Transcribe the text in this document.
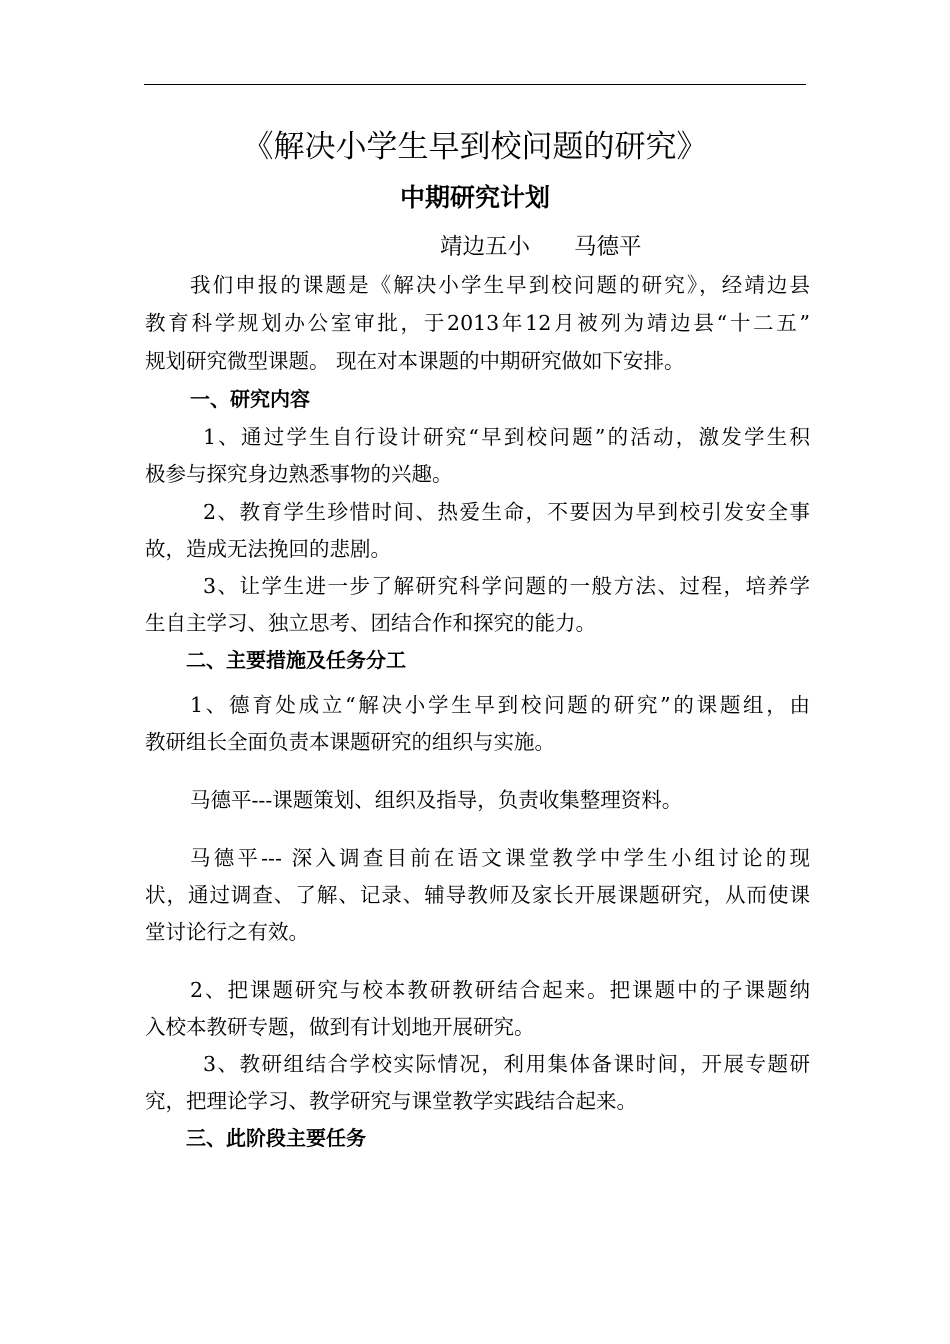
《解决小学生早到校问题的研究》
中期研究计划
靖边五小 马德平
我们申报的课题是《解决小学生早到校问题的研究》，经靖边县
教育科学规划办公室审批，于2013年12月被列为靖边县“十二五”
规划研究微型课题。 现在对本课题的中期研究做如下安排。
一、研究内容
1、通过学生自行设计研究“早到校问题”的活动，激发学生积
极参与探究身边熟悉事物的兴趣。
2、教育学生珍惜时间、热爱生命，不要因为早到校引发安全事
故，造成无法挽回的悲剧。
3、让学生进一步了解研究科学问题的一般方法、过程，培养学
生自主学习、独立思考、团结合作和探究的能力。
二、主要措施及任务分工
1、德育处成立“解决小学生早到校问题的研究”的课题组，由
教研组长全面负责本课题研究的组织与实施。
马德平---课题策划、组织及指导，负责收集整理资料。
马德平--- 深入调查目前在语文课堂教学中学生小组讨论的现
状，通过调查、了解、记录、辅导教师及家长开展课题研究，从而使课
堂讨论行之有效。
2、把课题研究与校本教研教研结合起来。把课题中的子课题纳
入校本教研专题，做到有计划地开展研究。
3、教研组结合学校实际情况，利用集体备课时间，开展专题研
究，把理论学习、教学研究与课堂教学实践结合起来。
三、此阶段主要任务
